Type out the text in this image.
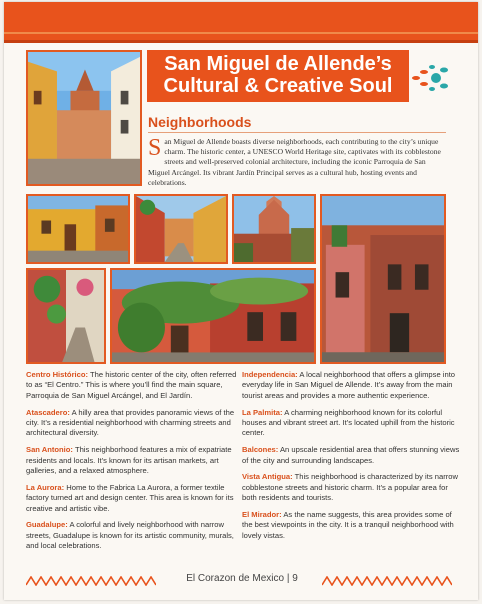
San Miguel de Allende’s
Cultural & Creative Soul
Neighborhoods
San Miguel de Allende boasts diverse neighborhoods, each contributing to the city’s unique charm. The historic center, a UNESCO World Heritage site, captivates with its cobblestone streets and well-preserved colonial architecture, including the iconic Parroquia de San Miguel Arcángel. Its vibrant Jardín Principal serves as a cultural hub, hosting events and celebrations.
Centro Histórico: The historic center of the city, often referred to as “El Centro.” This is where you’ll find the main square, Parroquia de San Miguel Arcángel, and El Jardín.
Atascadero: A hilly area that provides panoramic views of the city. It’s a residential neighborhood with charming streets and architectural diversity.
San Antonio: This neighborhood features a mix of expatriate residents and locals. It’s known for its artisan markets, art galleries, and a relaxed atmosphere.
La Aurora: Home to the Fabrica La Aurora, a former textile factory turned art and design center. This area is known for its creative and artistic vibe.
Guadalupe: A colorful and lively neighborhood with narrow streets, Guadalupe is known for its artistic community, murals, and local celebrations.
Independencia: A local neighborhood that offers a glimpse into everyday life in San Miguel de Allende. It’s away from the main tourist areas and provides a more authentic experience.
La Palmita: A charming neighborhood known for its colorful houses and vibrant street art. It’s located uphill from the historic center.
Balcones: An upscale residential area that offers stunning views of the city and surrounding landscapes.
Vista Antigua: This neighborhood is characterized by its narrow cobblestone streets and historic charm. It’s a popular area for both residents and tourists.
El Mirador: As the name suggests, this area provides some of the best viewpoints in the city. It is a tranquil neighborhood with lovely vistas.
El Corazon de Mexico | 9
